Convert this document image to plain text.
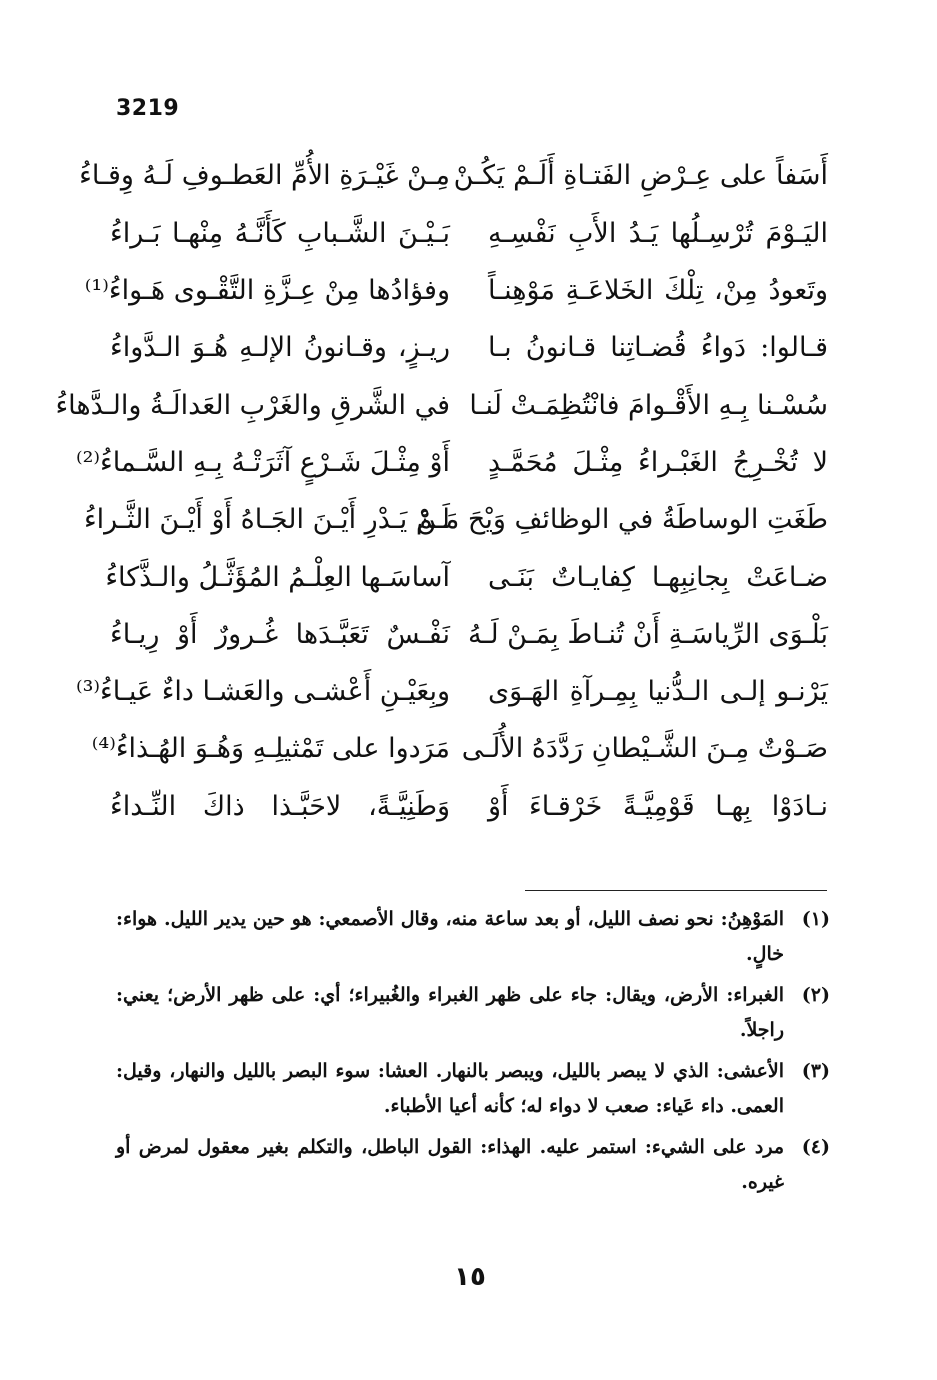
3219
أَسَفاً على عِـرْضِ الفَتـاةِ أَلَـمْ يَكُـنْ
مِـنْ غَيْـرَةِ الأُمِّ العَطـوفِ لَـهُ وِقـاءُ
اليَـوْمَ تُرْسِـلُها يَـدُ الأَبِ نَفْسِـهِ
بَـيْـنَ الشَّـبابِ كَأَنَّـهُ مِنْهـا بَـراءُ
وتَعودُ مِنْ، تِلْكَ الخَلاعَـةِ مَوْهِنـاً
وفؤادُها مِنْ عِـزَّةِ التَّقْـوى هَـواءُ⁽¹⁾
قـالوا: دَواءُ قُضـاتِنا قـانونُ بـا
ريـزٍ، وقـانونُ الإلـهِ هُـوَ الـدَّواءُ
سُسْـنا بِـهِ الأَقْـوامَ فانْتُظِمَـتْ لَنـا
في الشَّرقِ والغَرْبِ العَدالَـةُ والـدَّهاءُ
لا تُخْـرِجُ الغَبْـراءُ مِثْـلَ مُحَمَّـدٍ
أَوْ مِثْـلَ شَـرْعٍ آثَرَتْـهُ بِـهِ السَّـماءُ⁽²⁾
طَغَتِ الوساطَةُ في الوظائفِ وَيْحَ مَـنْ
لَـمْ يَـدْرِ أَيْـنَ الجَـاهُ أَوْ أَيْـنَ الثَّـراءُ
ضـاعَتْ بِجانِبِهـا كِفايـاتٌ بَنَـى
آساسَـها العِلْـمُ المُؤَثَّـلُ والـذَّكاءُ
بَلْـوَى الرِّياسَـةِ أَنْ تُنـاطَ بِمَـنْ لَـهُ
نَفْـسٌ تَعَبَّـدَها غُـرورٌ أَوْ رِيـاءُ
يَرْنـو إلـى الـدُّنيا بِمِـرآةِ الهَـوَى
وبِعَيْـنِ أَعْشـى والعَشـا داءٌ عَيـاءُ⁽³⁾
صَـوْتٌ مِـنَ الشَّـيْطانِ رَدَّدَهُ الأُلَـى
مَرَدوا على تَمْثيلِـهِ وَهُـوَ الهُـذاءُ⁽⁴⁾
نـادَوْا بِهـا قَوْمِيَّـةً خَرْقـاءَ أَوْ
وَطَنِيَّـةً، لاحَبَّـذا ذاكَ النِّـداءُ
(١)
المَوْهِنُ: نحو نصف الليل، أو بعد ساعة منه، وقال الأصمعي: هو حين يدير الليل. هواء: خالٍ.
(٢)
الغبراء: الأرض، ويقال: جاء على ظهر الغبراء والغُبيراء؛ أي: على ظهر الأرض؛ يعني: راجلاً.
(٣)
الأعشى: الذي لا يبصر بالليل، ويبصر بالنهار. العشا: سوء البصر بالليل والنهار، وقيل: العمى. داء عَياء: صعب لا دواء له؛ كأنه أعيا الأطباء.
(٤)
مرد على الشيء: استمر عليه. الهذاء: القول الباطل، والتكلم بغير معقول لمرض أو غيره.
١٥
